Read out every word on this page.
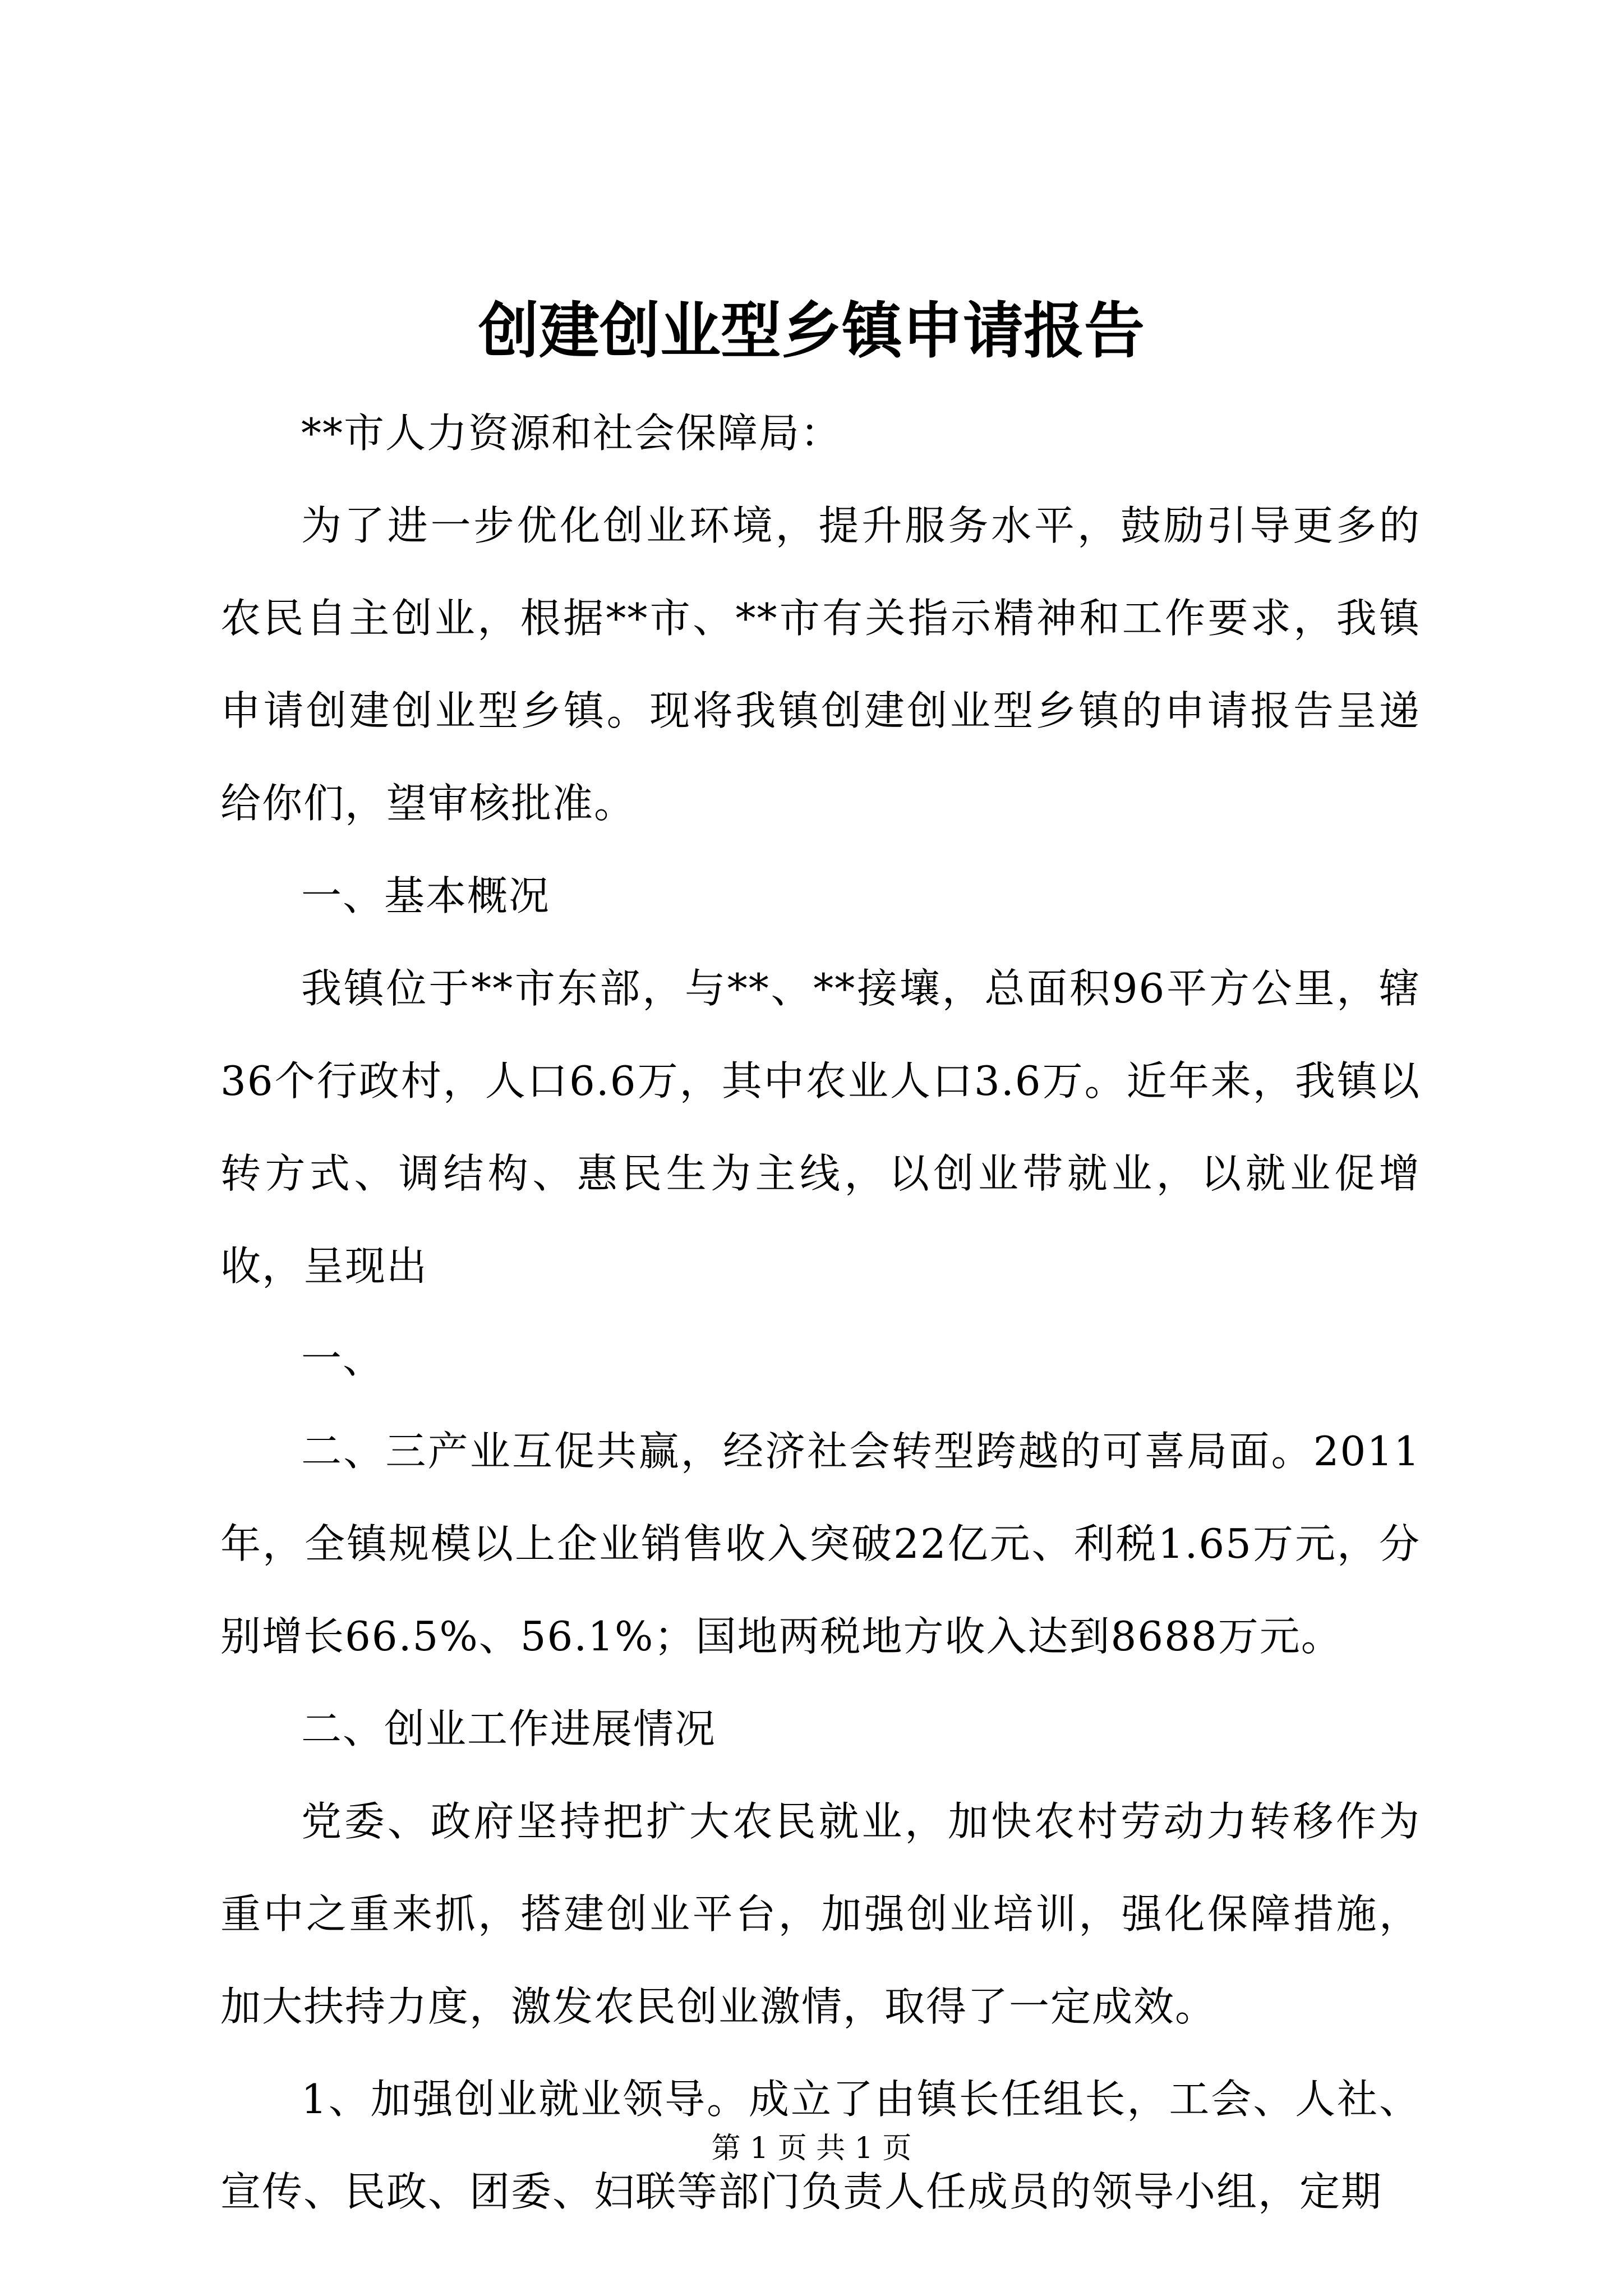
创建创业型乡镇申请报告

**市人力资源和社会保障局：

为了进一步优化创业环境，提升服务水平，鼓励引导更多的农民自主创业，根据**市、**市有关指示精神和工作要求，我镇申请创建创业型乡镇。现将我镇创建创业型乡镇的申请报告呈递给你们，望审核批准。

一、基本概况

我镇位于**市东部，与**、**接壤，总面积96平方公里，辖36个行政村，人口6.6万，其中农业人口3.6万。近年来，我镇以转方式、调结构、惠民生为主线，以创业带就业，以就业促增收，呈现出

一、

二、三产业互促共赢，经济社会转型跨越的可喜局面。2011年，全镇规模以上企业销售收入突破22亿元、利税1.65万元，分别增长66.5%、56.1%；国地两税地方收入达到8688万元。

二、创业工作进展情况

党委、政府坚持把扩大农民就业，加快农村劳动力转移作为重中之重来抓，搭建创业平台，加强创业培训，强化保障措施，加大扶持力度，激发农民创业激情，取得了一定成效。

1、加强创业就业领导。成立了由镇长任组长，工会、人社、宣传、民政、团委、妇联等部门负责人任成员的领导小组，定期

第 1 页 共 1 页
